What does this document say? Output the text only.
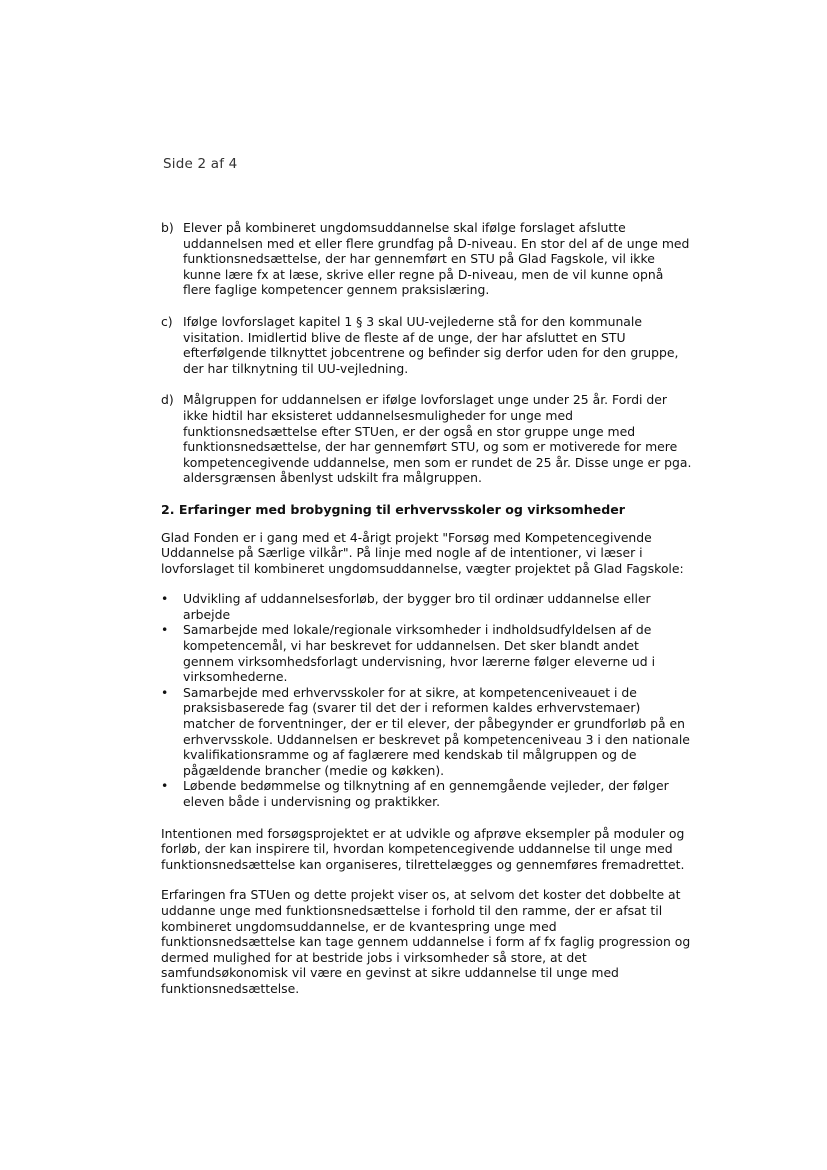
Side 2 af 4
b) Elever på kombineret ungdomsuddannelse skal ifølge forslaget afslutte uddannelsen med et eller flere grundfag på D-niveau. En stor del af de unge med funktionsnedsættelse, der har gennemført en STU på Glad Fagskole, vil ikke kunne lære fx at læse, skrive eller regne på D-niveau, men de vil kunne opnå flere faglige kompetencer gennem praksislæring.
c) Ifølge lovforslaget kapitel 1 § 3 skal UU-vejlederne stå for den kommunale visitation. Imidlertid blive de fleste af de unge, der har afsluttet en STU efterfølgende tilknyttet jobcentrene og befinder sig derfor uden for den gruppe, der har tilknytning til UU-vejledning.
d) Målgruppen for uddannelsen er ifølge lovforslaget unge under 25 år. Fordi der ikke hidtil har eksisteret uddannelsesmuligheder for unge med funktionsnedsættelse efter STUen, er der også en stor gruppe unge med funktionsnedsættelse, der har gennemført STU, og som er motiverede for mere kompetencegivende uddannelse, men som er rundet de 25 år. Disse unge er pga. aldersgrænsen åbenlyst udskilt fra målgruppen.
2. Erfaringer med brobygning til erhvervsskoler og virksomheder

Glad Fonden er i gang med et 4-årigt projekt "Forsøg med Kompetencegivende Uddannelse på Særlige vilkår". På linje med nogle af de intentioner, vi læser i lovforslaget til kombineret ungdomsuddannelse, vægter projektet på Glad Fagskole:

•	Udvikling af uddannelsesforløb, der bygger bro til ordinær uddannelse eller arbejde
•	Samarbejde med lokale/regionale virksomheder i indholdsudfyldelsen af de kompetencemål, vi har beskrevet for uddannelsen. Det sker blandt andet gennem virksomhedsforlagt undervisning, hvor lærerne følger eleverne ud i virksomhederne.
•	Samarbejde med erhvervsskoler for at sikre, at kompetenceniveauet i de praksisbaserede fag (svarer til det der i reformen kaldes erhvervstemaer) matcher de forventninger, der er til elever, der påbegynder er grundforløb på en erhvervsskole. Uddannelsen er beskrevet på kompetenceniveau 3 i den nationale kvalifikationsramme og af faglærere med kendskab til målgruppen og de pågældende brancher (medie og køkken).
•	Løbende bedømmelse og tilknytning af en gennemgående vejleder, der følger eleven både i undervisning og praktikker.

Intentionen med forsøgsprojektet er at udvikle og afprøve eksempler på moduler og forløb, der kan inspirere til, hvordan kompetencegivende uddannelse til unge med funktionsnedsættelse kan organiseres, tilrettelægges og gennemføres fremadrettet.

Erfaringen fra STUen og dette projekt viser os, at selvom det koster det dobbelte at uddanne unge med funktionsnedsættelse i forhold til den ramme, der er afsat til kombineret ungdomsuddannelse, er de kvantespring unge med funktionsnedsættelse kan tage gennem uddannelse i form af fx faglig progression og dermed mulighed for at bestride jobs i virksomheder så store, at det samfundsøkonomisk vil være en gevinst at sikre uddannelse til unge med funktionsnedsættelse.
